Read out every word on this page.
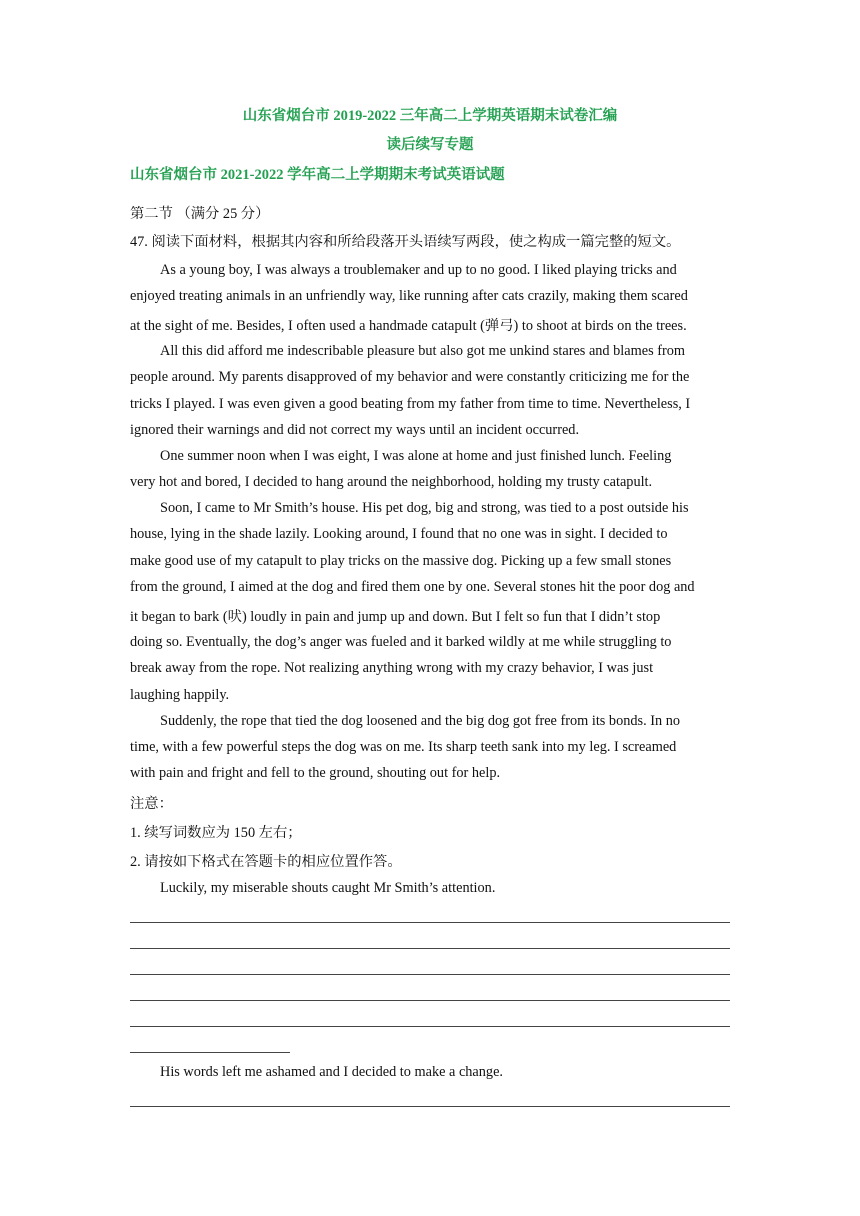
山东省烟台市 2019-2022 三年高二上学期英语期末试卷汇编
读后续写专题
山东省烟台市 2021-2022 学年高二上学期期末考试英语试题
第二节 （满分 25 分）
47. 阅读下面材料，根据其内容和所给段落开头语续写两段，使之构成一篇完整的短文。
As a young boy, I was always a troublemaker and up to no good. I liked playing tricks and
enjoyed treating animals in an unfriendly way, like running after cats crazily, making them scared
at the sight of me. Besides, I often used a handmade catapult (弹弓) to shoot at birds on the trees.
All this did afford me indescribable pleasure but also got me unkind stares and blames from
people around. My parents disapproved of my behavior and were constantly criticizing me for the
tricks I played. I was even given a good beating from my father from time to time. Nevertheless, I
ignored their warnings and did not correct my ways until an incident occurred.
One summer noon when I was eight, I was alone at home and just finished lunch. Feeling
very hot and bored, I decided to hang around the neighborhood, holding my trusty catapult.
Soon, I came to Mr Smith’s house. His pet dog, big and strong, was tied to a post outside his
house, lying in the shade lazily. Looking around, I found that no one was in sight. I decided to
make good use of my catapult to play tricks on the massive dog. Picking up a few small stones
from the ground, I aimed at the dog and fired them one by one. Several stones hit the poor dog and
it began to bark (吠) loudly in pain and jump up and down. But I felt so fun that I didn’t stop
doing so. Eventually, the dog’s anger was fueled and it barked wildly at me while struggling to
break away from the rope. Not realizing anything wrong with my crazy behavior, I was just
laughing happily.
Suddenly, the rope that tied the dog loosened and the big dog got free from its bonds. In no
time, with a few powerful steps the dog was on me. Its sharp teeth sank into my leg. I screamed
with pain and fright and fell to the ground, shouting out for help.
注意：
1. 续写词数应为 150 左右；
2. 请按如下格式在答题卡的相应位置作答。
Luckily, my miserable shouts caught Mr Smith’s attention.
His words left me ashamed and I decided to make a change.
